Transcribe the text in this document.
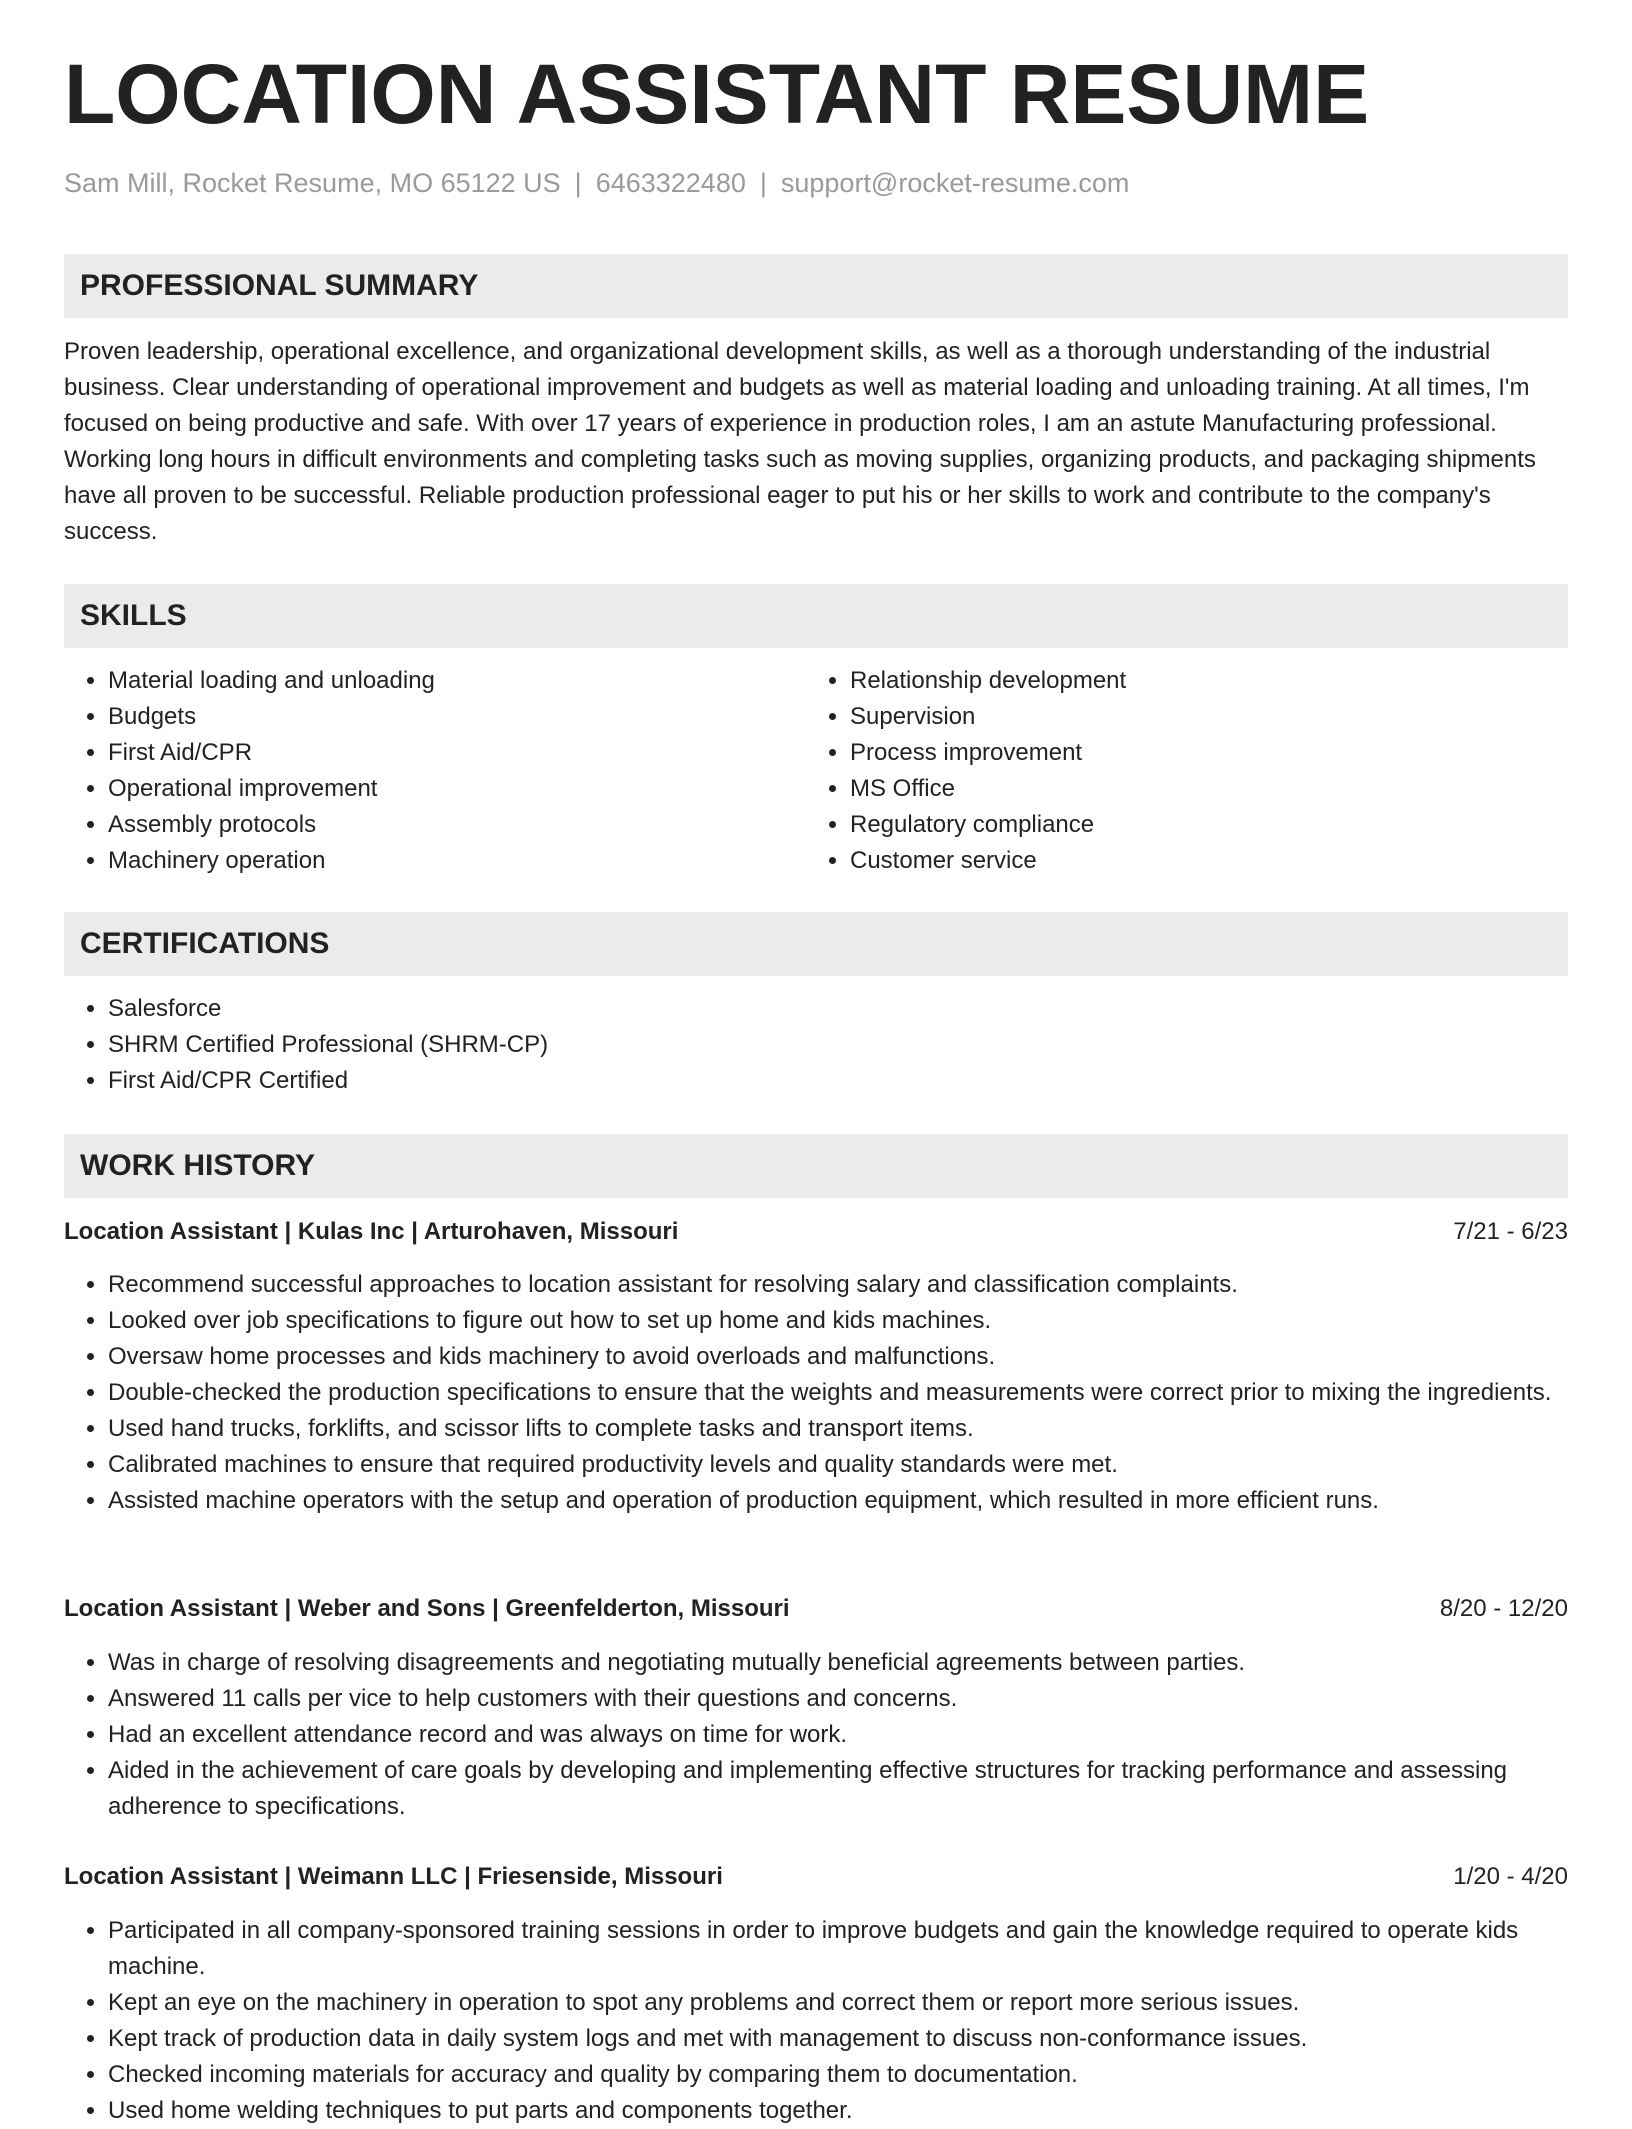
LOCATION ASSISTANT RESUME
Sam Mill, Rocket Resume, MO 65122 US | 6463322480 | support@rocket-resume.com
PROFESSIONAL SUMMARY

Proven leadership, operational excellence, and organizational development skills, as well as a thorough understanding of the industrial business. Clear understanding of operational improvement and budgets as well as material loading and unloading training. At all times, I'm focused on being productive and safe. With over 17 years of experience in production roles, I am an astute Manufacturing professional. Working long hours in difficult environments and completing tasks such as moving supplies, organizing products, and packaging shipments have all proven to be successful. Reliable production professional eager to put his or her skills to work and contribute to the company's success.

SKILLS
• Material loading and unloading
• Budgets
• First Aid/CPR
• Operational improvement
• Assembly protocols
• Machinery operation
• Relationship development
• Supervision
• Process improvement
• MS Office
• Regulatory compliance
• Customer service
CERTIFICATIONS
• Salesforce
• SHRM Certified Professional (SHRM-CP)
• First Aid/CPR Certified
WORK HISTORY
Location Assistant | Kulas Inc | Arturohaven, Missouri	7/21 - 6/23
• Recommend successful approaches to location assistant for resolving salary and classification complaints.
• Looked over job specifications to figure out how to set up home and kids machines.
• Oversaw home processes and kids machinery to avoid overloads and malfunctions.
• Double-checked the production specifications to ensure that the weights and measurements were correct prior to mixing the ingredients.
• Used hand trucks, forklifts, and scissor lifts to complete tasks and transport items.
• Calibrated machines to ensure that required productivity levels and quality standards were met.
• Assisted machine operators with the setup and operation of production equipment, which resulted in more efficient runs.
Location Assistant | Weber and Sons | Greenfelderton, Missouri	8/20 - 12/20
• Was in charge of resolving disagreements and negotiating mutually beneficial agreements between parties.
• Answered 11 calls per vice to help customers with their questions and concerns.
• Had an excellent attendance record and was always on time for work.
• Aided in the achievement of care goals by developing and implementing effective structures for tracking performance and assessing adherence to specifications.
Location Assistant | Weimann LLC | Friesenside, Missouri	1/20 - 4/20
• Participated in all company-sponsored training sessions in order to improve budgets and gain the knowledge required to operate kids machine.
• Kept an eye on the machinery in operation to spot any problems and correct them or report more serious issues.
• Kept track of production data in daily system logs and met with management to discuss non-conformance issues.
• Checked incoming materials for accuracy and quality by comparing them to documentation.
• Used home welding techniques to put parts and components together.
